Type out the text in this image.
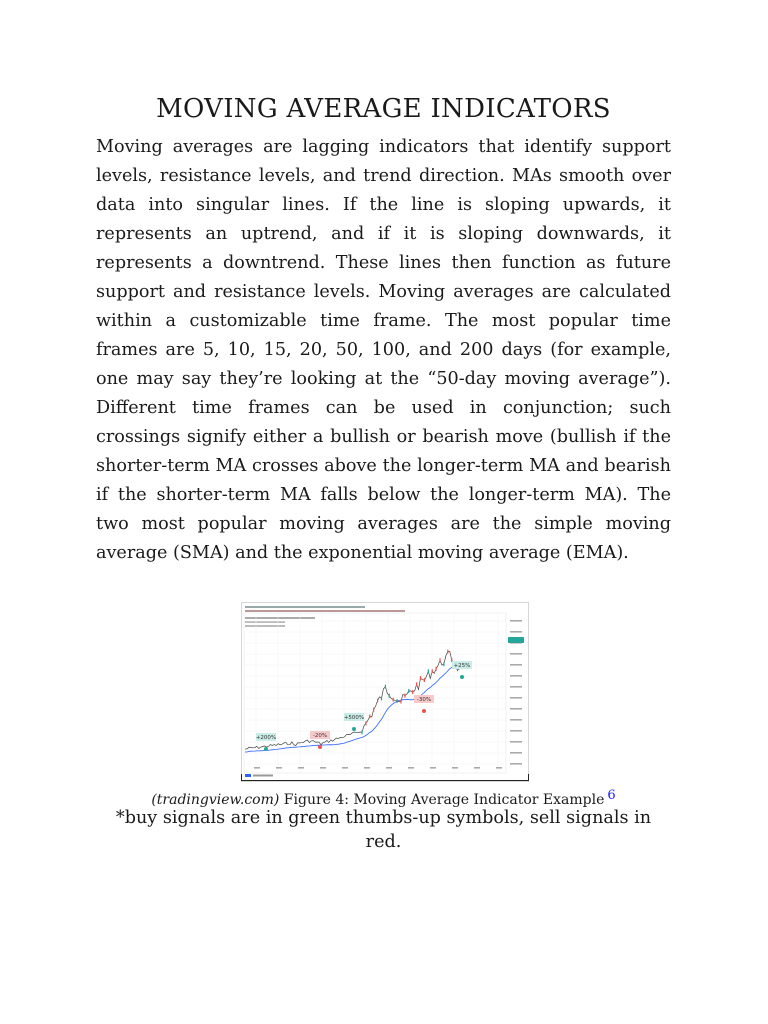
MOVING AVERAGE INDICATORS

Moving averages are lagging indicators that identify support levels, resistance levels, and trend direction. MAs smooth over data into singular lines. If the line is sloping upwards, it represents an uptrend, and if it is sloping downwards, it represents a downtrend. These lines then function as future support and resistance levels. Moving averages are calculated within a customizable time frame. The most popular time frames are 5, 10, 15, 20, 50, 100, and 200 days (for example, one may say they’re looking at the “50-day moving average”). Different time frames can be used in conjunction; such crossings signify either a bullish or bearish move (bullish if the shorter-term MA crosses above the longer-term MA and bearish if the shorter-term MA falls below the longer-term MA). The two most popular moving averages are the simple moving average (SMA) and the exponential moving average (EMA).

+200%	-20%
+500%
-30%
+25%
(tradingview.com) Figure 4: Moving Average Indicator Example 6
*buy signals are in green thumbs-up symbols, sell signals in red.
